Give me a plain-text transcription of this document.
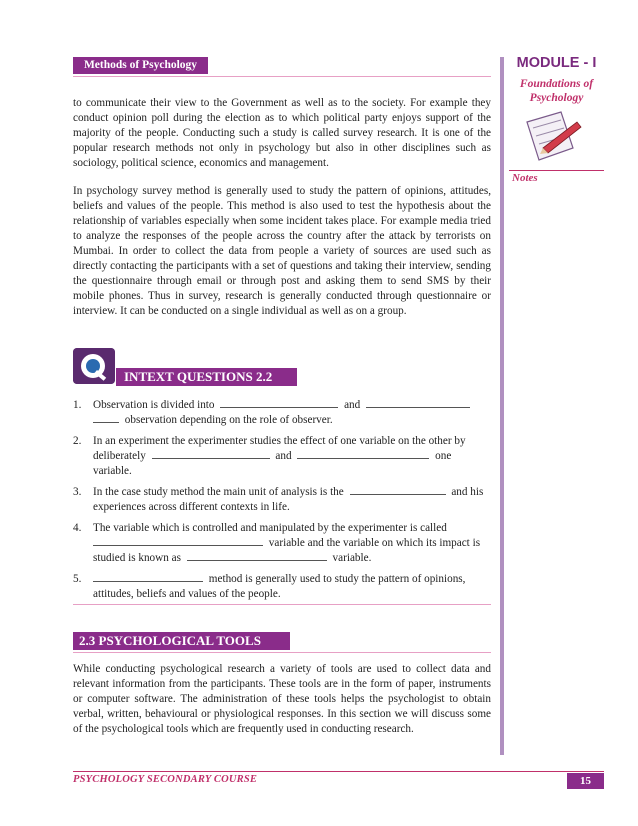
Methods of Psychology	MODULE - I
Foundations of
Psychology
Notes

to communicate their view to the Government as well as to the society. For example they conduct opinion poll during the election as to which political party enjoys support of the majority of the people. Conducting such a study is called survey research. It is one of the popular research methods not only in psychology but also in other disciplines such as sociology, political science, economics and management.

In psychology survey method is generally used to study the pattern of opinions, attitudes, beliefs and values of the people. This method is also used to test the hypothesis about the relationship of variables especially when some incident takes place. For example media tried to analyze the responses of the people across the country after the attack by terrorists on Mumbai. In order to collect the data from people a variety of sources are used such as directly contacting the participants with a set of questions and taking their interview, sending the questionnaire through email or through post and asking them to send SMS by their mobile phones. Thus in survey, research is generally conducted through questionnaire or interview. It can be conducted on a single individual as well as on a group.

INTEXT QUESTIONS 2.2
1. Observation is divided into	and
observation depending on the role of observer.
2. In an experiment the experimenter studies the effect of one variable on the other by deliberately	and	one variable.
3. In the case study method the main unit of analysis is the	and his experiences across different contexts in life.
4. The variable which is controlled and manipulated by the experimenter is called
variable and the variable on which its impact is studied is known as	variable.
5.	method is generally used to study the pattern of opinions, attitudes, beliefs and values of the people.
2.3 PSYCHOLOGICAL TOOLS

While conducting psychological research a variety of tools are used to collect data and relevant information from the participants. These tools are in the form of paper, instruments or computer software. The administration of these tools helps the psychologist to obtain verbal, written, behavioural or physiological responses. In this section we will discuss some of the psychological tools which are frequently used in conducting research.

PSYCHOLOGY SECONDARY COURSE	15
